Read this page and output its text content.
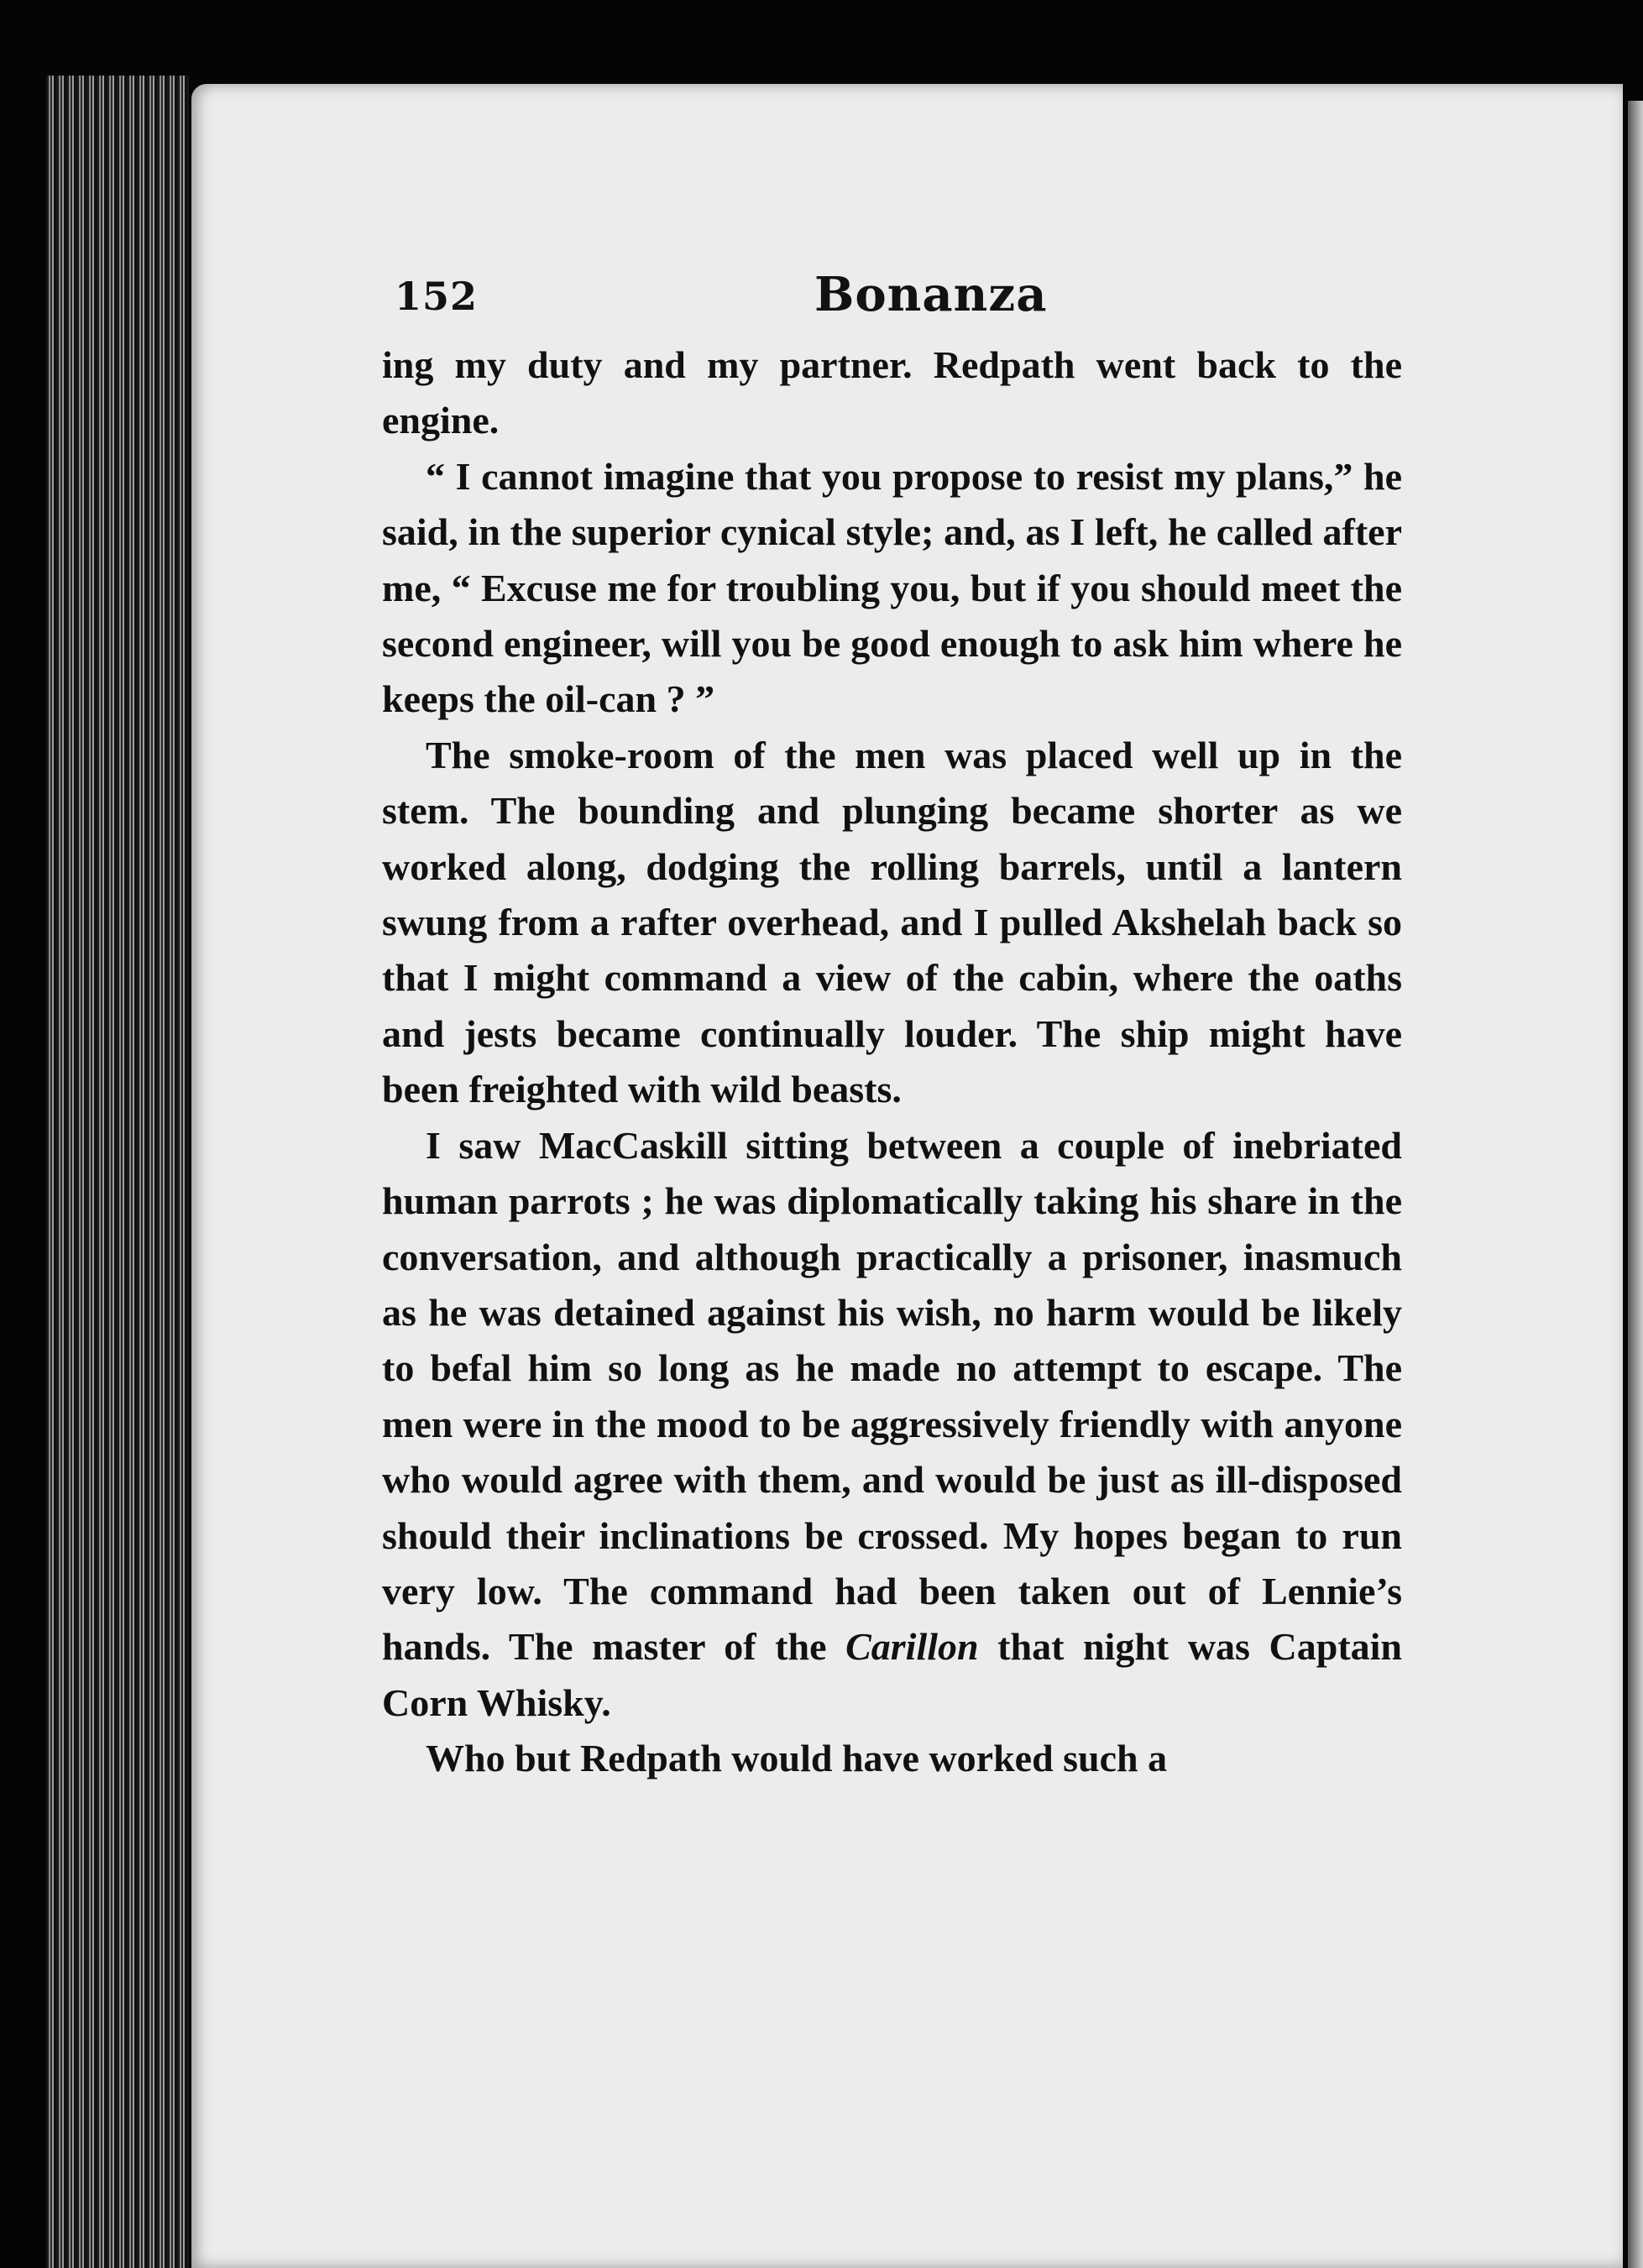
152	Bonanza

ing my duty and my partner. Redpath went back to the engine.

“ I cannot imagine that you propose to resist my plans,” he said, in the superior cynical style; and, as I left, he called after me, “ Excuse me for troubling you, but if you should meet the second engineer, will you be good enough to ask him where he keeps the oil-can ? ”

The smoke-room of the men was placed well up in the stem. The bounding and plunging became shorter as we worked along, dodging the rolling barrels, until a lantern swung from a rafter overhead, and I pulled Akshelah back so that I might command a view of the cabin, where the oaths and jests became continually louder. The ship might have been freighted with wild beasts.

I saw MacCaskill sitting between a couple of inebriated human parrots ; he was diplomatically taking his share in the conversation, and although practically a prisoner, inasmuch as he was detained against his wish, no harm would be likely to befal him so long as he made no attempt to escape. The men were in the mood to be aggressively friendly with anyone who would agree with them, and would be just as ill-disposed should their inclinations be crossed. My hopes began to run very low. The command had been taken out of Lennie’s hands. The master of the Carillon that night was Captain Corn Whisky.

Who but Redpath would have worked such a
